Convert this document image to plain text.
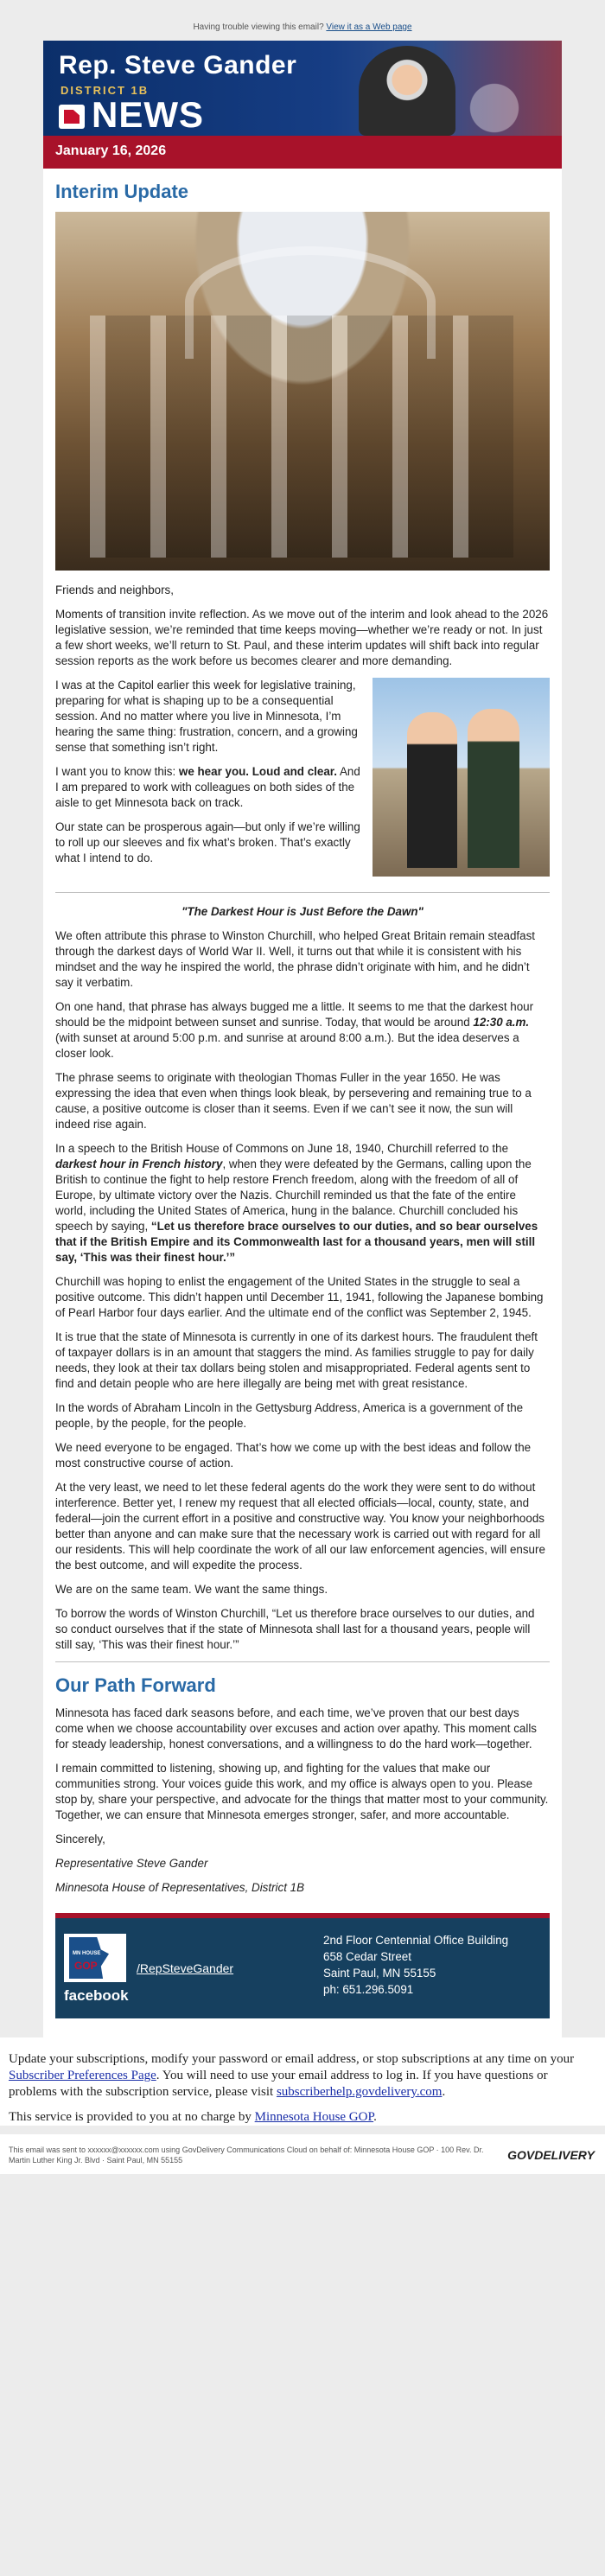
Having trouble viewing this email? View it as a Web page
Rep. Steve Gander
DISTRICT 1B
NEWS
January 16, 2026
Interim Update

Friends and neighbors,

Moments of transition invite reflection. As we move out of the interim and look ahead to the 2026 legislative session, we’re reminded that time keeps moving—whether we’re ready or not. In just a few short weeks, we’ll return to St. Paul, and these interim updates will shift back into regular session reports as the work before us becomes clearer and more demanding.

I was at the Capitol earlier this week for legislative training, preparing for what is shaping up to be a consequential session. And no matter where you live in Minnesota, I’m hearing the same thing: frustration, concern, and a growing sense that something isn’t right.

I want you to know this: we hear you. Loud and clear. And I am prepared to work with colleagues on both sides of the aisle to get Minnesota back on track.

Our state can be prosperous again—but only if we’re willing to roll up our sleeves and fix what’s broken. That’s exactly what I intend to do.

"The Darkest Hour is Just Before the Dawn"

We often attribute this phrase to Winston Churchill, who helped Great Britain remain steadfast through the darkest days of World War II. Well, it turns out that while it is consistent with his mindset and the way he inspired the world, the phrase didn’t originate with him, and he didn’t say it verbatim.

On one hand, that phrase has always bugged me a little. It seems to me that the darkest hour should be the midpoint between sunset and sunrise. Today, that would be around 12:30 a.m. (with sunset at around 5:00 p.m. and sunrise at around 8:00 a.m.). But the idea deserves a closer look.

The phrase seems to originate with theologian Thomas Fuller in the year 1650. He was expressing the idea that even when things look bleak, by persevering and remaining true to a cause, a positive outcome is closer than it seems. Even if we can’t see it now, the sun will indeed rise again.

In a speech to the British House of Commons on June 18, 1940, Churchill referred to the darkest hour in French history, when they were defeated by the Germans, calling upon the British to continue the fight to help restore French freedom, along with the freedom of all of Europe, by ultimate victory over the Nazis. Churchill reminded us that the fate of the entire world, including the United States of America, hung in the balance. Churchill concluded his speech by saying, “Let us therefore brace ourselves to our duties, and so bear ourselves that if the British Empire and its Commonwealth last for a thousand years, men will still say, ‘This was their finest hour.’”

Churchill was hoping to enlist the engagement of the United States in the struggle to seal a positive outcome. This didn’t happen until December 11, 1941, following the Japanese bombing of Pearl Harbor four days earlier. And the ultimate end of the conflict was September 2, 1945.

It is true that the state of Minnesota is currently in one of its darkest hours. The fraudulent theft of taxpayer dollars is in an amount that staggers the mind. As families struggle to pay for daily needs, they look at their tax dollars being stolen and misappropriated. Federal agents sent to find and detain people who are here illegally are being met with great resistance.

In the words of Abraham Lincoln in the Gettysburg Address, America is a government of the people, by the people, for the people.

We need everyone to be engaged. That’s how we come up with the best ideas and follow the most constructive course of action.

At the very least, we need to let these federal agents do the work they were sent to do without interference. Better yet, I renew my request that all elected officials—local, county, state, and federal—join the current effort in a positive and constructive way. You know your neighborhoods better than anyone and can make sure that the necessary work is carried out with regard for all our residents. This will help coordinate the work of all our law enforcement agencies, will ensure the best outcome, and will expedite the process.

We are on the same team. We want the same things.

To borrow the words of Winston Churchill, “Let us therefore brace ourselves to our duties, and so conduct ourselves that if the state of Minnesota shall last for a thousand years, people will still say, ‘This was their finest hour.’”

Our Path Forward

Minnesota has faced dark seasons before, and each time, we’ve proven that our best days come when we choose accountability over excuses and action over apathy. This moment calls for steady leadership, honest conversations, and a willingness to do the hard work—together.

I remain committed to listening, showing up, and fighting for the values that make our communities strong. Your voices guide this work, and my office is always open to you. Please stop by, share your perspective, and advocate for the things that matter most to your community. Together, we can ensure that Minnesota emerges stronger, safer, and more accountable.

Sincerely,

Representative Steve Gander

Minnesota House of Representatives, District 1B

MN HOUSE
GOP
facebook
/RepSteveGander
2nd Floor Centennial Office Building
658 Cedar Street
Saint Paul, MN 55155
ph: 651.296.5091

Update your subscriptions, modify your password or email address, or stop subscriptions at any time on your Subscriber Preferences Page. You will need to use your email address to log in. If you have questions or problems with the subscription service, please visit subscriberhelp.govdelivery.com.

This service is provided to you at no charge by Minnesota House GOP.

This email was sent to xxxxxx@xxxxxx.com using GovDelivery Communications Cloud on behalf of: Minnesota House GOP · 100 Rev. Dr. Martin Luther King Jr. Blvd · Saint Paul, MN 55155	GOVDELIVERY
